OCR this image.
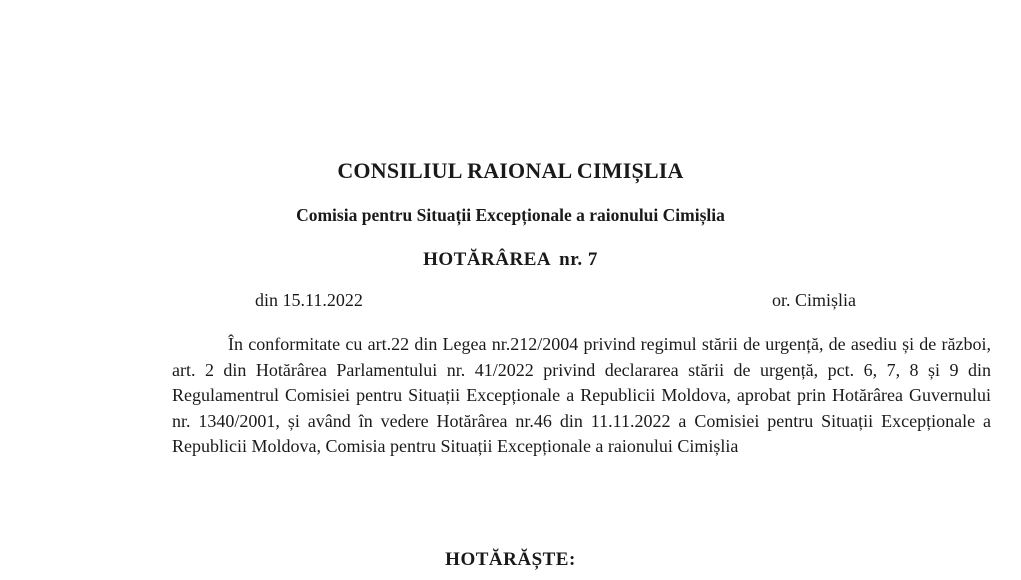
CONSILIUL RAIONAL CIMIȘLIA
Comisia pentru Situații Excepționale a raionului Cimișlia
HOTĂRÂREA nr. 7
din 15.11.2022	or. Cimișlia
În conformitate cu art.22 din Legea nr.212/2004 privind regimul stării de urgență, de asediu și de război, art. 2 din Hotărârea Parlamentului nr. 41/2022 privind declararea stării de urgență, pct. 6, 7, 8 și 9 din Regulamentrul Comisiei pentru Situații Excepționale a Republicii Moldova, aprobat prin Hotărârea Guvernului nr. 1340/2001, și având în vedere Hotărârea nr.46 din 11.11.2022 a Comisiei pentru Situații Excepționale a Republicii Moldova, Comisia pentru Situații Excepționale a raionului Cimișlia
HOTĂRĂȘTE:
